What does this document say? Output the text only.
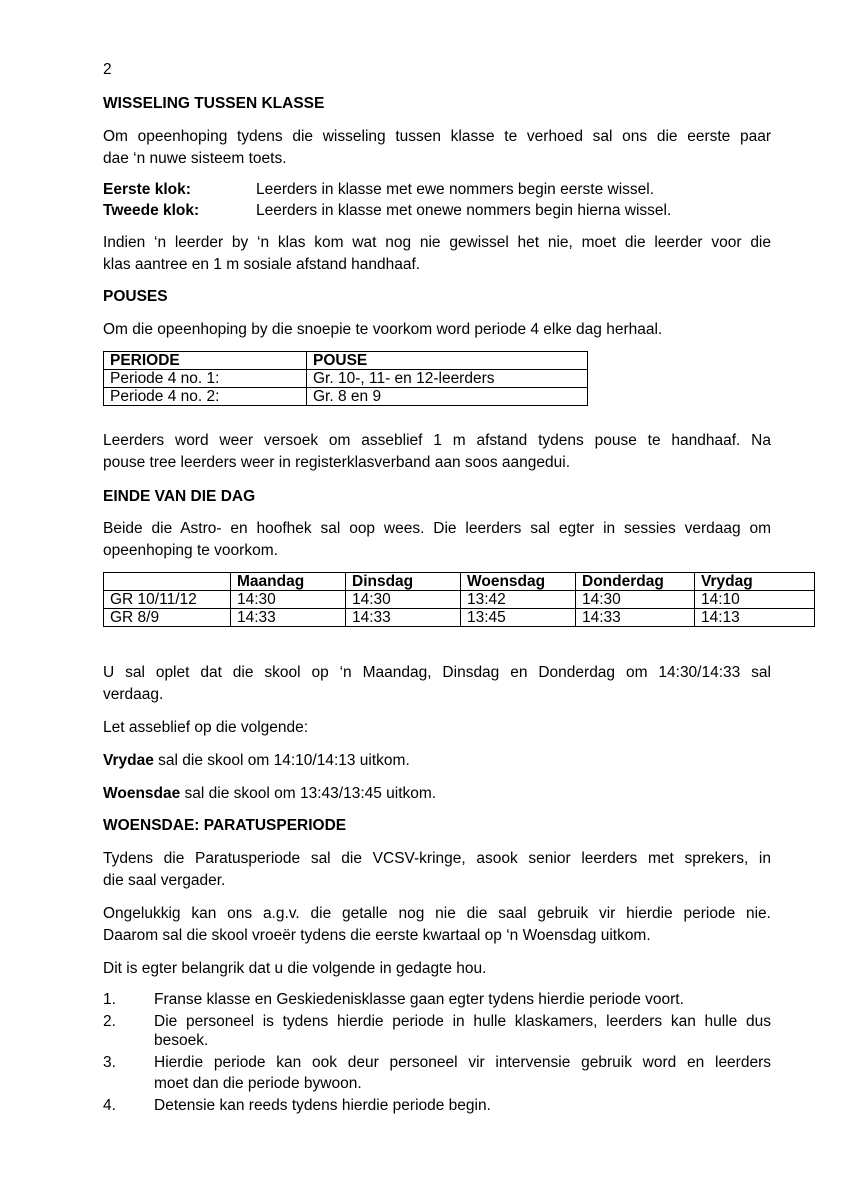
2
WISSELING TUSSEN KLASSE
Om opeenhoping tydens die wisseling tussen klasse te verhoed sal ons die eerste paar
dae ‘n nuwe sisteem toets.
Eerste klok:	Leerders in klasse met ewe nommers begin eerste wissel.
Tweede klok:	Leerders in klasse met onewe nommers begin hierna wissel.
Indien ‘n leerder by ‘n klas kom wat nog nie gewissel het nie, moet die leerder voor die
klas aantree en 1 m sosiale afstand handhaaf.
POUSES
Om die opeenhoping by die snoepie te voorkom word periode 4 elke dag herhaal.
PERIODE	POUSE
Periode 4 no. 1:	Gr. 10-, 11- en 12-leerders
Periode 4 no. 2:	Gr. 8 en 9
Leerders word weer versoek om asseblief 1 m afstand tydens pouse te handhaaf. Na
pouse tree leerders weer in registerklasverband aan soos aangedui.
EINDE VAN DIE DAG
Beide die Astro- en hoofhek sal oop wees. Die leerders sal egter in sessies verdaag om
opeenhoping te voorkom.
	Maandag	Dinsdag	Woensdag	Donderdag	Vrydag
GR 10/11/12	14:30	14:30	13:42	14:30	14:10
GR 8/9	14:33	14:33	13:45	14:33	14:13
U sal oplet dat die skool op ‘n Maandag, Dinsdag en Donderdag om 14:30/14:33 sal
verdaag.
Let asseblief op die volgende:
Vrydae sal die skool om 14:10/14:13 uitkom.
Woensdae sal die skool om 13:43/13:45 uitkom.
WOENSDAE: PARATUSPERIODE
Tydens die Paratusperiode sal die VCSV-kringe, asook senior leerders met sprekers, in
die saal vergader.
Ongelukkig kan ons a.g.v. die getalle nog nie die saal gebruik vir hierdie periode nie.
Daarom sal die skool vroeër tydens die eerste kwartaal op ‘n Woensdag uitkom.
Dit is egter belangrik dat u die volgende in gedagte hou.
1. Franse klasse en Geskiedenisklasse gaan egter tydens hierdie periode voort.
2. Die personeel is tydens hierdie periode in hulle klaskamers, leerders kan hulle dus
besoek.
3. Hierdie periode kan ook deur personeel vir intervensie gebruik word en leerders
moet dan die periode bywoon.
4. Detensie kan reeds tydens hierdie periode begin.
